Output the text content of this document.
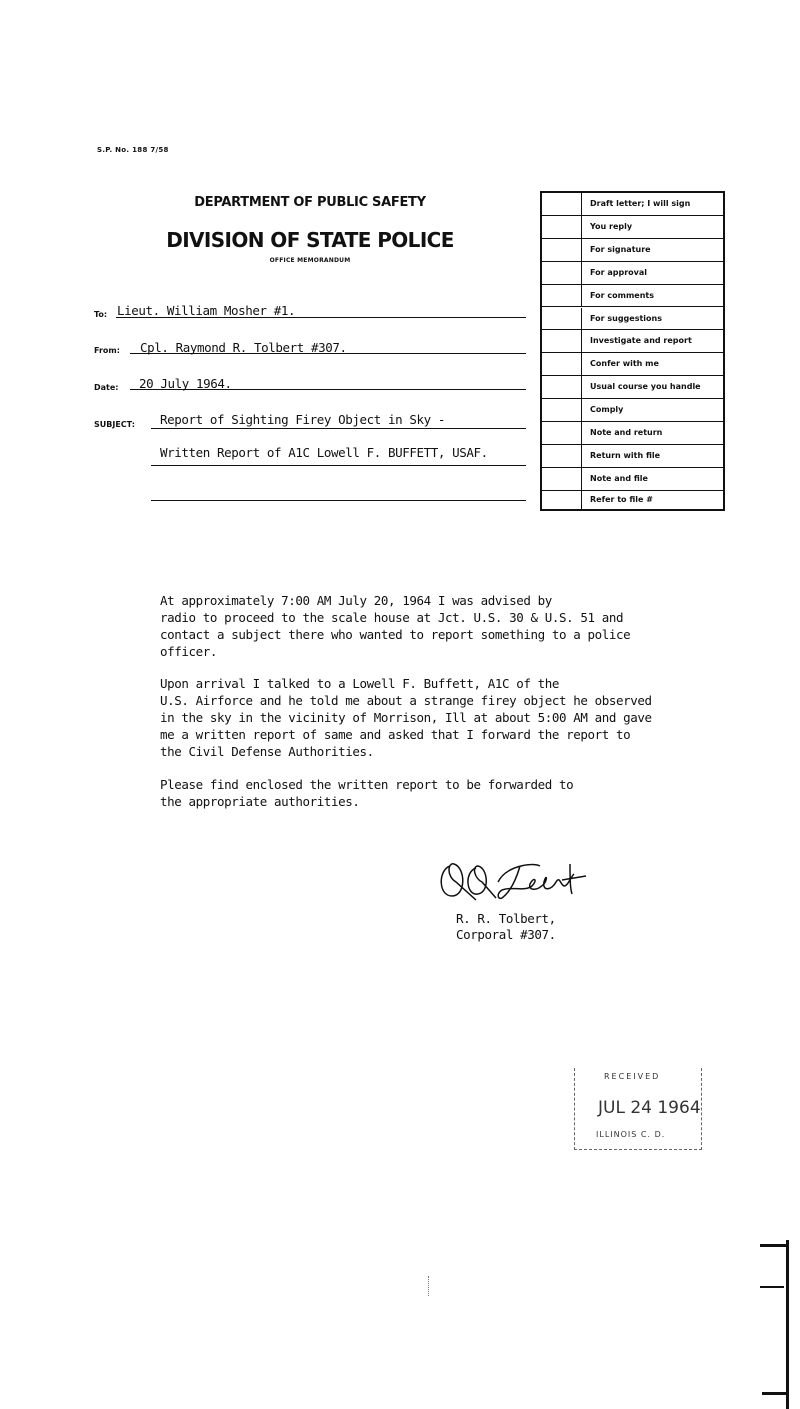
S.P. No. 188 7/58
DEPARTMENT OF PUBLIC SAFETY
DIVISION OF STATE POLICE
OFFICE MEMORANDUM
To: Lieut. William Mosher #1.
From: Cpl. Raymond R. Tolbert #307.
Date: 20 July 1964.
SUBJECT: Report of Sighting Firey Object in Sky -
Written Report of A1C Lowell F. BUFFETT, USAF.
Draft letter; I will sign
You reply
For signature
For approval
For comments
For suggestions
Investigate and report
Confer with me
Usual course you handle
Comply
Note and return
Return with file
Note and file
Refer to file #

At approximately 7:00 AM July 20, 1964 I was advised by
radio to proceed to the scale house at Jct. U.S. 30 & U.S. 51 and
contact a subject there who wanted to report something to a police
officer.

Upon arrival I talked to a Lowell F. Buffett, A1C of the
U.S. Airforce and he told me about a strange firey object he observed
in the sky in the vicinity of Morrison, Ill at about 5:00 AM and gave
me a written report of same and asked that I forward the report to
the Civil Defense Authorities.

Please find enclosed the written report to be forwarded to
the appropriate authorities.

R. R. Tolbert,
Corporal #307.
RECEIVED
JUL 24 1964
ILLINOIS C. D.
